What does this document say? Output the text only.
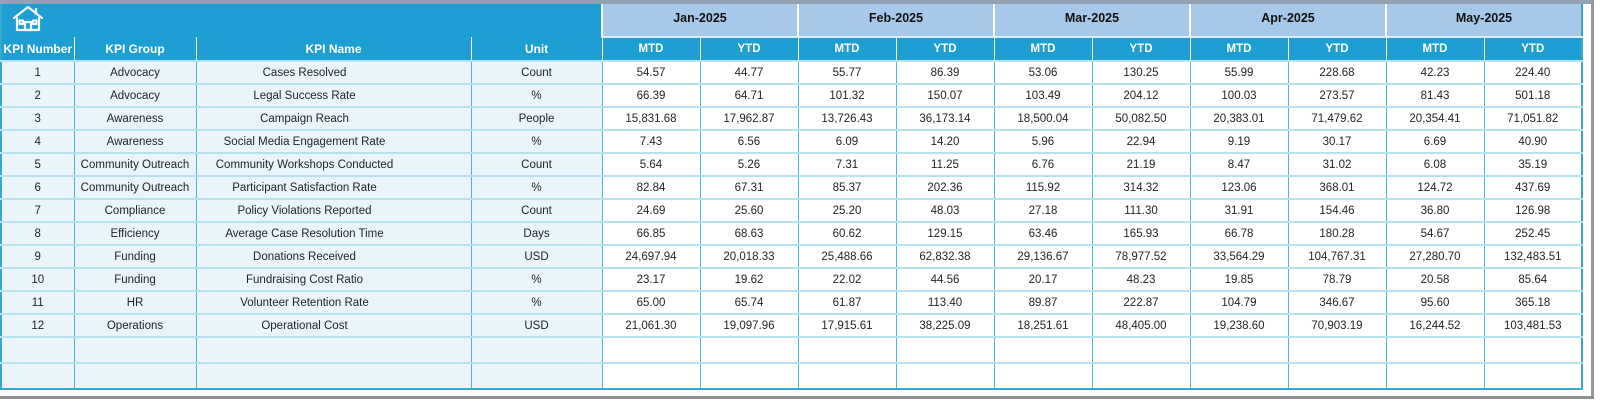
	Jan-2025		Feb-2025		Mar-2025		Apr-2025		May-2025	
KPI Number	KPI Group	KPI Name	Unit	MTD	YTD	MTD	YTD	MTD	YTD	MTD	YTD	MTD	YTD
1	Advocacy	Cases Resolved	Count	54.57	44.77	55.77	86.39	53.06	130.25	55.99	228.68	42.23	224.40
2	Advocacy	Legal Success Rate	%	66.39	64.71	101.32	150.07	103.49	204.12	100.03	273.57	81.43	501.18
3	Awareness	Campaign Reach	People	15,831.68	17,962.87	13,726.43	36,173.14	18,500.04	50,082.50	20,383.01	71,479.62	20,354.41	71,051.82
4	Awareness	Social Media Engagement Rate	%	7.43	6.56	6.09	14.20	5.96	22.94	9.19	30.17	6.69	40.90
5	Community Outreach	Community Workshops Conducted	Count	5.64	5.26	7.31	11.25	6.76	21.19	8.47	31.02	6.08	35.19
6	Community Outreach	Participant Satisfaction Rate	%	82.84	67.31	85.37	202.36	115.92	314.32	123.06	368.01	124.72	437.69
7	Compliance	Policy Violations Reported	Count	24.69	25.60	25.20	48.03	27.18	111.30	31.91	154.46	36.80	126.98
8	Efficiency	Average Case Resolution Time	Days	66.85	68.63	60.62	129.15	63.46	165.93	66.78	180.28	54.67	252.45
9	Funding	Donations Received	USD	24,697.94	20,018.33	25,488.66	62,832.38	29,136.67	78,977.52	33,564.29	104,767.31	27,280.70	132,483.51
10	Funding	Fundraising Cost Ratio	%	23.17	19.62	22.02	44.56	20.17	48.23	19.85	78.79	20.58	85.64
11	HR	Volunteer Retention Rate	%	65.00	65.74	61.87	113.40	89.87	222.87	104.79	346.67	95.60	365.18
12	Operations	Operational Cost	USD	21,061.30	19,097.96	17,915.61	38,225.09	18,251.61	48,405.00	19,238.60	70,903.19	16,244.52	103,481.53
